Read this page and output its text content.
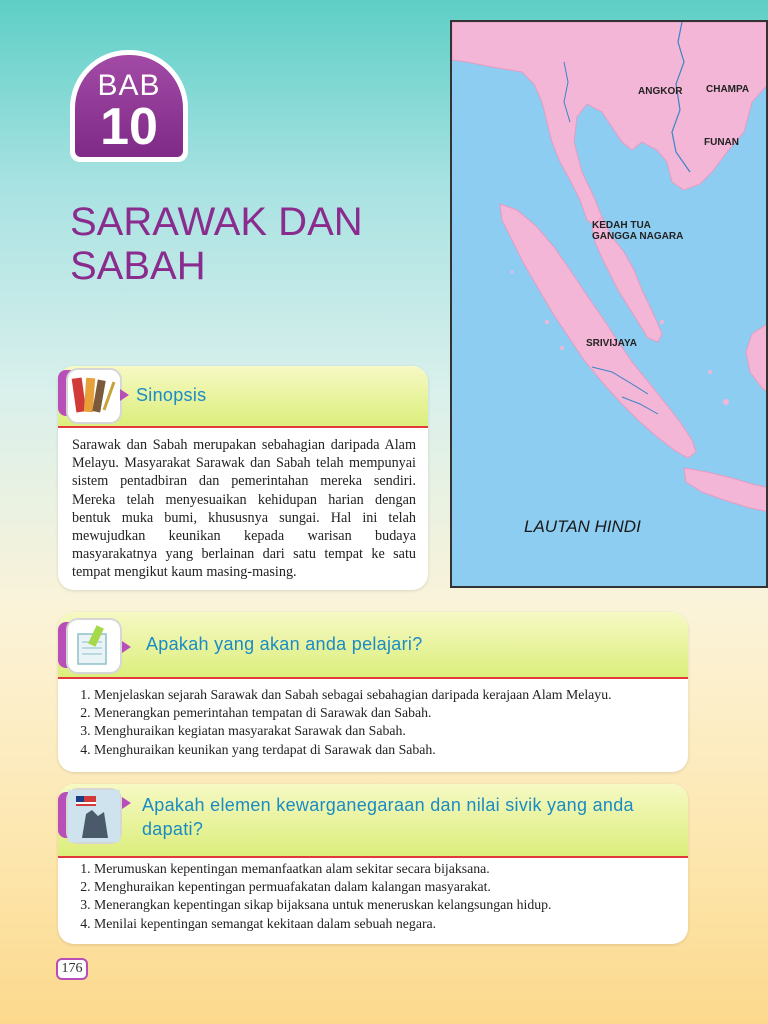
BAB
10
SARAWAK DAN SABAH
ANGKOR CHAMPA
FUNAN
KEDAH TUA
GANGGA NAGARA
SRIVIJAYA
LAUTAN HINDI
Sinopsis

Sarawak dan Sabah merupakan sebahagian daripada Alam Melayu. Masyarakat Sarawak dan Sabah telah mempunyai sistem pentadbiran dan pemerintahan mereka sendiri. Mereka telah menyesuaikan kehidupan harian dengan bentuk muka bumi, khususnya sungai. Hal ini telah mewujudkan keunikan kepada warisan budaya masyarakatnya yang berlainan dari satu tempat ke satu tempat mengikut kaum masing-masing.

Apakah yang akan anda pelajari?
1. Menjelaskan sejarah Sarawak dan Sabah sebagai sebahagian daripada kerajaan Alam Melayu.
2. Menerangkan pemerintahan tempatan di Sarawak dan Sabah.
3. Menghuraikan kegiatan masyarakat Sarawak dan Sabah.
4. Menghuraikan keunikan yang terdapat di Sarawak dan Sabah.
Apakah elemen kewarganegaraan dan nilai sivik yang anda dapati?
1. Merumuskan kepentingan memanfaatkan alam sekitar secara bijaksana.
2. Menghuraikan kepentingan permuafakatan dalam kalangan masyarakat.
3. Menerangkan kepentingan sikap bijaksana untuk meneruskan kelangsungan hidup.
4. Menilai kepentingan semangat kekitaan dalam sebuah negara.
176
